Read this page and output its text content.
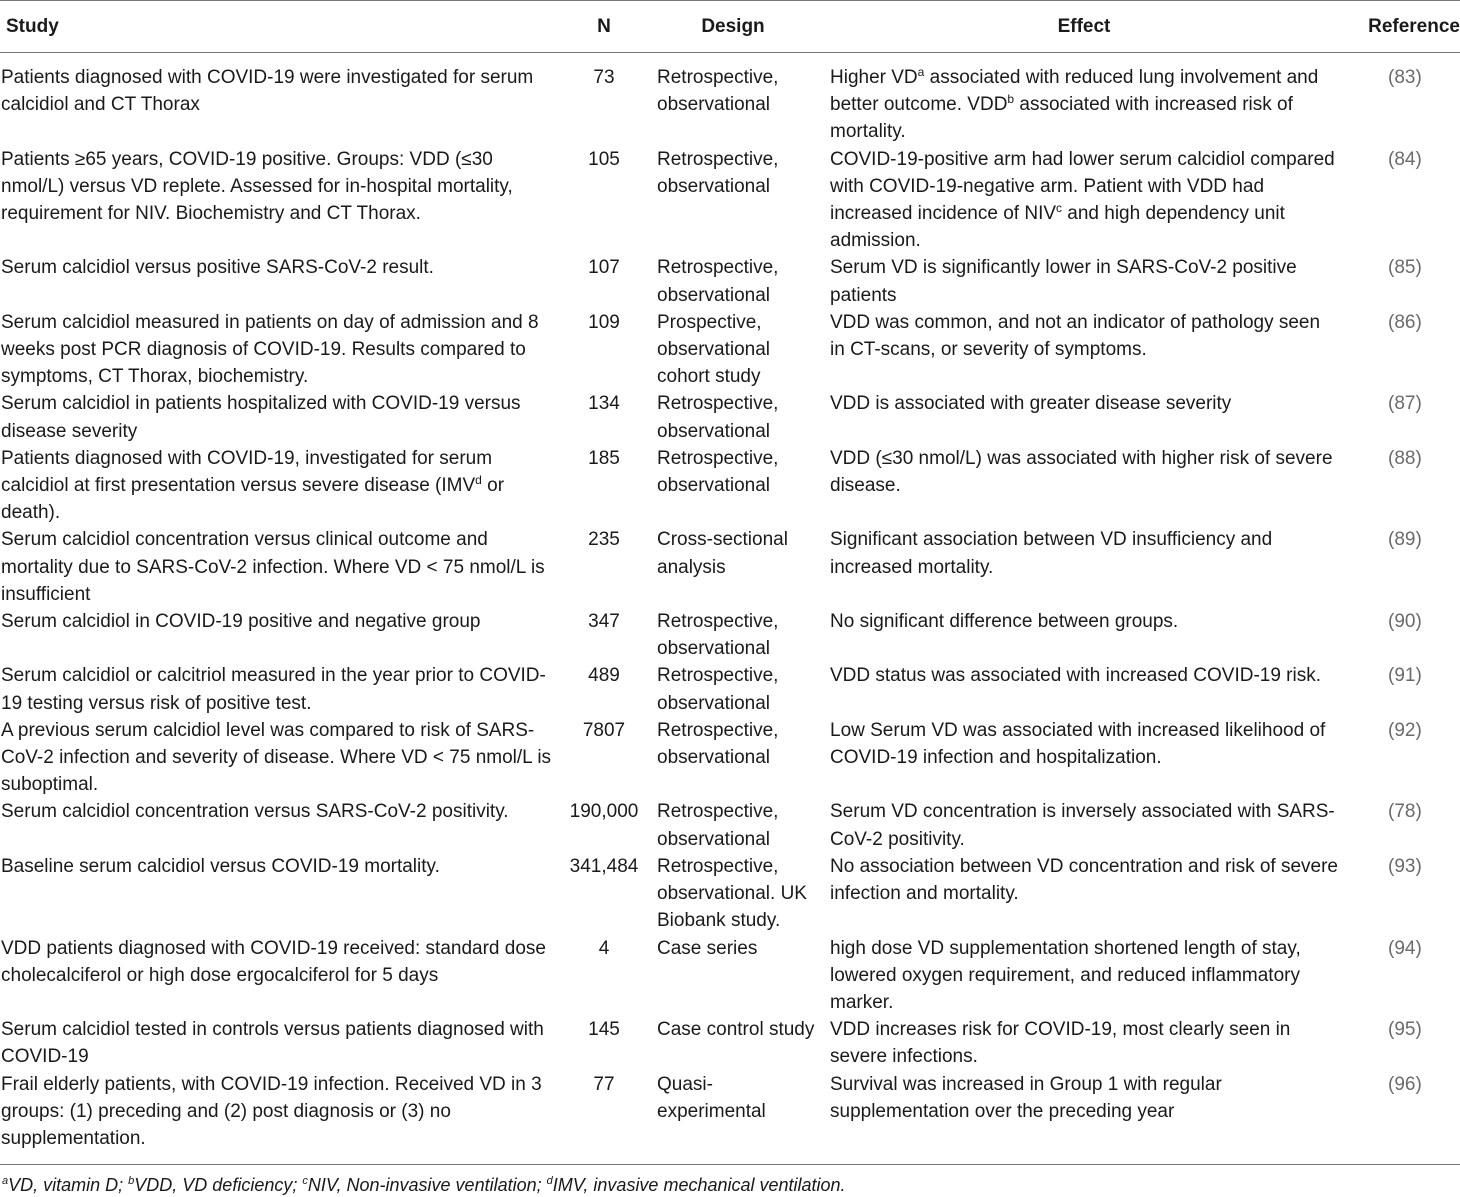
Study	N	Design	Effect	Reference
Patients diagnosed with COVID-19 were investigated for serum calcidiol and CT Thorax	73	Retrospective, observational	Higher $VD^a$ associated with reduced lung involvement and better outcome. VDD$^b$ associated with increased risk of mortality.	(83)
Patients ≥65 years, COVID-19 positive. Groups: VDD (≤30 nmol/L) versus VD replete. Assessed for in-hospital mortality, requirement for NIV. Biochemistry and CT Thorax.	105	Retrospective, observational	COVID-19-positive arm had lower serum calcidiol compared with COVID-19-negative arm. Patient with VDD had increased incidence of NIV$^c$ and high dependency unit admission.	(84)
Serum calcidiol versus positive SARS-CoV-2 result.	107	Retrospective, observational	Serum VD is significantly lower in SARS-CoV-2 positive patients	(85)
Serum calcidiol measured in patients on day of admission and 8 weeks post PCR diagnosis of COVID-19. Results compared to symptoms, CT Thorax, biochemistry.	109	Prospective, observational cohort study	VDD was common, and not an indicator of pathology seen in CT-scans, or severity of symptoms.	(86)
Serum calcidiol in patients hospitalized with COVID-19 versus disease severity	134	Retrospective, observational	VDD is associated with greater disease severity	(87)
Patients diagnosed with COVID-19, investigated for serum calcidiol at first presentation versus severe disease (IMV$^d$ or death).	185	Retrospective, observational	VDD (≤30 nmol/L) was associated with higher risk of severe disease.	(88)
Serum calcidiol concentration versus clinical outcome and mortality due to SARS-CoV-2 infection. Where VD < 75 nmol/L is insufficient	235	Cross-sectional analysis	Significant association between VD insufficiency and increased mortality.	(89)
Serum calcidiol in COVID-19 positive and negative group	347	Retrospective, observational	No significant difference between groups.	(90)
Serum calcidiol or calcitriol measured in the year prior to COVID-19 testing versus risk of positive test.	489	Retrospective, observational	VDD status was associated with increased COVID-19 risk.	(91)
A previous serum calcidiol level was compared to risk of SARS-CoV-2 infection and severity of disease. Where VD < 75 nmol/L is suboptimal.	7807	Retrospective, observational	Low Serum VD was associated with increased likelihood of COVID-19 infection and hospitalization.	(92)
Serum calcidiol concentration versus SARS-CoV-2 positivity.	190,000	Retrospective, observational	Serum VD concentration is inversely associated with SARS-CoV-2 positivity.	(78)
Baseline serum calcidiol versus COVID-19 mortality.	341,484	Retrospective, observational. UK Biobank study.	No association between VD concentration and risk of severe infection and mortality.	(93)
VDD patients diagnosed with COVID-19 received: standard dose cholecalciferol or high dose ergocalciferol for 5 days	4	Case series	high dose VD supplementation shortened length of stay, lowered oxygen requirement, and reduced inflammatory marker.	(94)
Serum calcidiol tested in controls versus patients diagnosed with COVID-19	145	Case control study	VDD increases risk for COVID-19, most clearly seen in severe infections.	(95)
Frail elderly patients, with COVID-19 infection. Received VD in 3 groups: (1) preceding and (2) post diagnosis or (3) no supplementation.	77	Quasi-experimental	Survival was increased in Group 1 with regular supplementation over the preceding year	(96)
$^a$VD, vitamin D; $^b$VDD, VD deficiency; $^c$NIV, Non-invasive ventilation; $^d$IMV, invasive mechanical ventilation.
